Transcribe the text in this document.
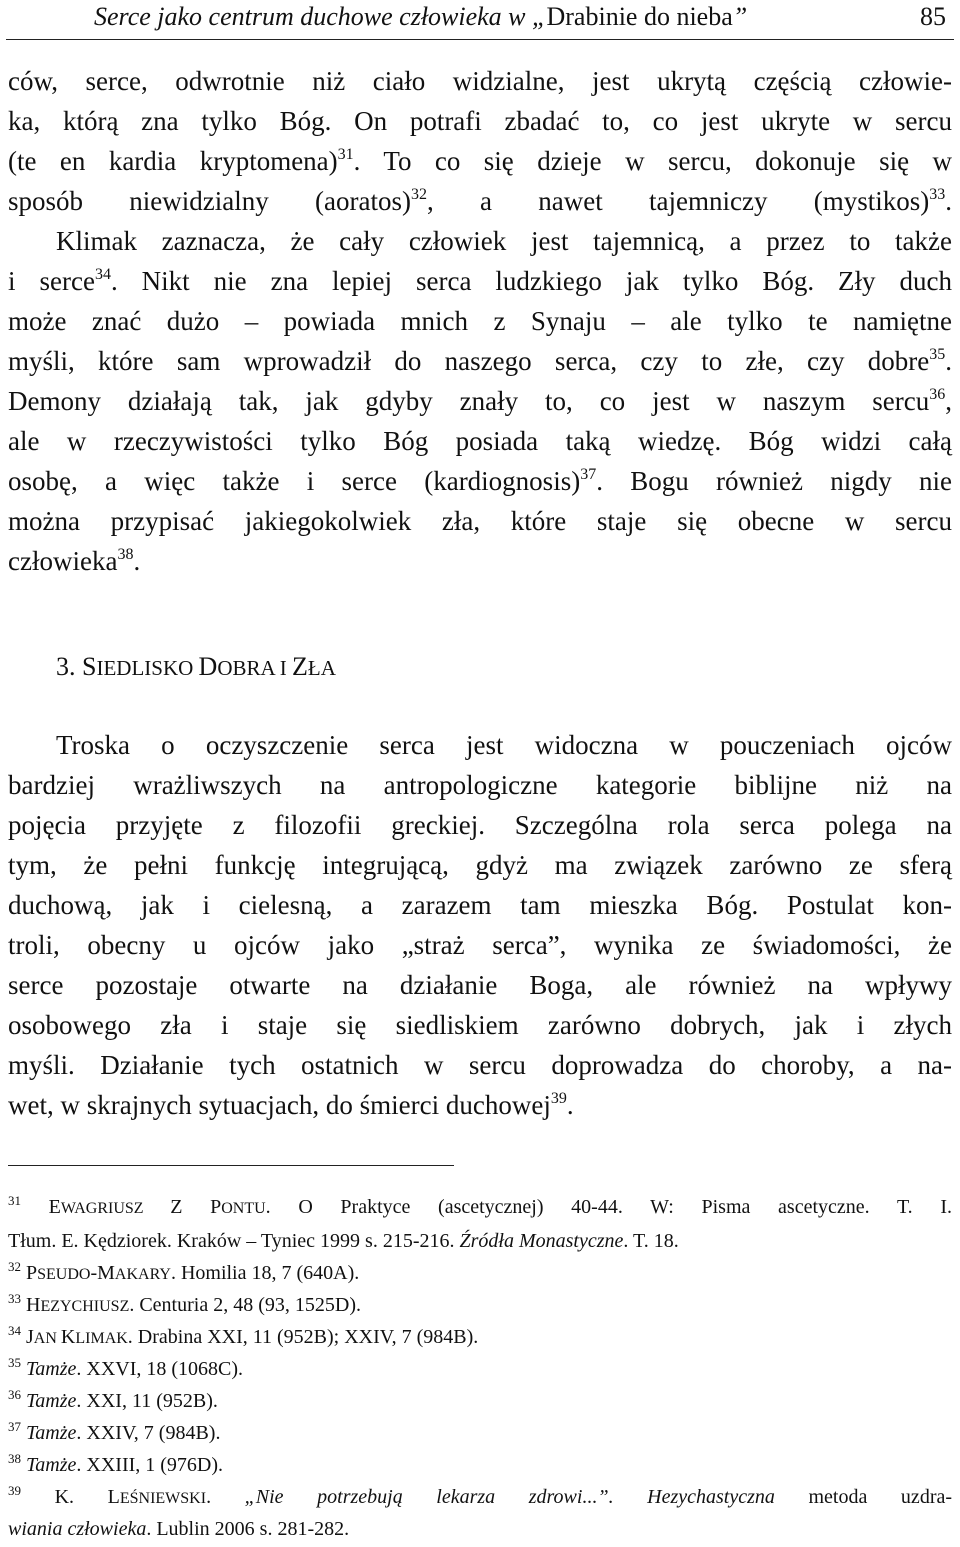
Serce jako centrum duchowe człowieka w „Drabinie do nieba”	85
ców, serce, odwrotnie niż ciało widzialne, jest ukrytą częścią człowie-
ka, którą zna tylko Bóg. On potrafi zbadać to, co jest ukryte w sercu
(te en kardia kryptomena)$^{31}$. To co się dzieje w sercu, dokonuje się w
sposób niewidzialny (aoratos)$^{32}$, a nawet tajemniczy (mystikos)$^{33}$.
Klimak zaznacza, że cały człowiek jest tajemnicą, a przez to także
i serce$^{34}$. Nikt nie zna lepiej serca ludzkiego jak tylko Bóg. Zły duch
może znać dużo – powiada mnich z Synaju – ale tylko te namiętne
myśli, które sam wprowadził do naszego serca, czy to złe, czy dobre$^{35}$.
Demony działają tak, jak gdyby znały to, co jest w naszym sercu$^{36}$,
ale w rzeczywistości tylko Bóg posiada taką wiedzę. Bóg widzi całą
osobę, a więc także i serce (kardiognosis)$^{37}$. Bogu również nigdy nie
można przypisać jakiegokolwiek zła, które staje się obecne w sercu
człowieka$^{38}$.
3. SIEDLISKO DOBRA I ZŁA
Troska o oczyszczenie serca jest widoczna w pouczeniach ojców
bardziej wrażliwszych na antropologiczne kategorie biblijne niż na
pojęcia przyjęte z filozofii greckiej. Szczególna rola serca polega na
tym, że pełni funkcję integrującą, gdyż ma związek zarówno ze sferą
duchową, jak i cielesną, a zarazem tam mieszka Bóg. Postulat kon-
troli, obecny u ojców jako „straż serca”, wynika ze świadomości, że
serce pozostaje otwarte na działanie Boga, ale również na wpływy
osobowego zła i staje się siedliskiem zarówno dobrych, jak i złych
myśli. Działanie tych ostatnich w sercu doprowadza do choroby, a na-
wet, w skrajnych sytuacjach, do śmierci duchowej$^{39}$.
$^{31}$ EWAGRIUSZ Z PONTU. O Praktyce (ascetycznej) 40-44. W: Pisma ascetyczne. T. I.
Tłum. E. Kędziorek. Kraków – Tyniec 1999 s. 215-216. Źródła Monastyczne. T. 18.
$^{32}$ PSEUDO-MAKARY. Homilia 18, 7 (640A).
$^{33}$ HEZYCHIUSZ. Centuria 2, 48 (93, 1525D).
$^{34}$ JAN KLIMAK. Drabina XXI, 11 (952B); XXIV, 7 (984B).
$^{35}$ Tamże. XXVI, 18 (1068C).
$^{36}$ Tamże. XXI, 11 (952B).
$^{37}$ Tamże. XXIV, 7 (984B).
$^{38}$ Tamże. XXIII, 1 (976D).
$^{39}$ K. LEŚNIEWSKI. „Nie potrzebują lekarza zdrowi...”. Hezychastyczna metoda uzdra-
wiania człowieka. Lublin 2006 s. 281-282.
